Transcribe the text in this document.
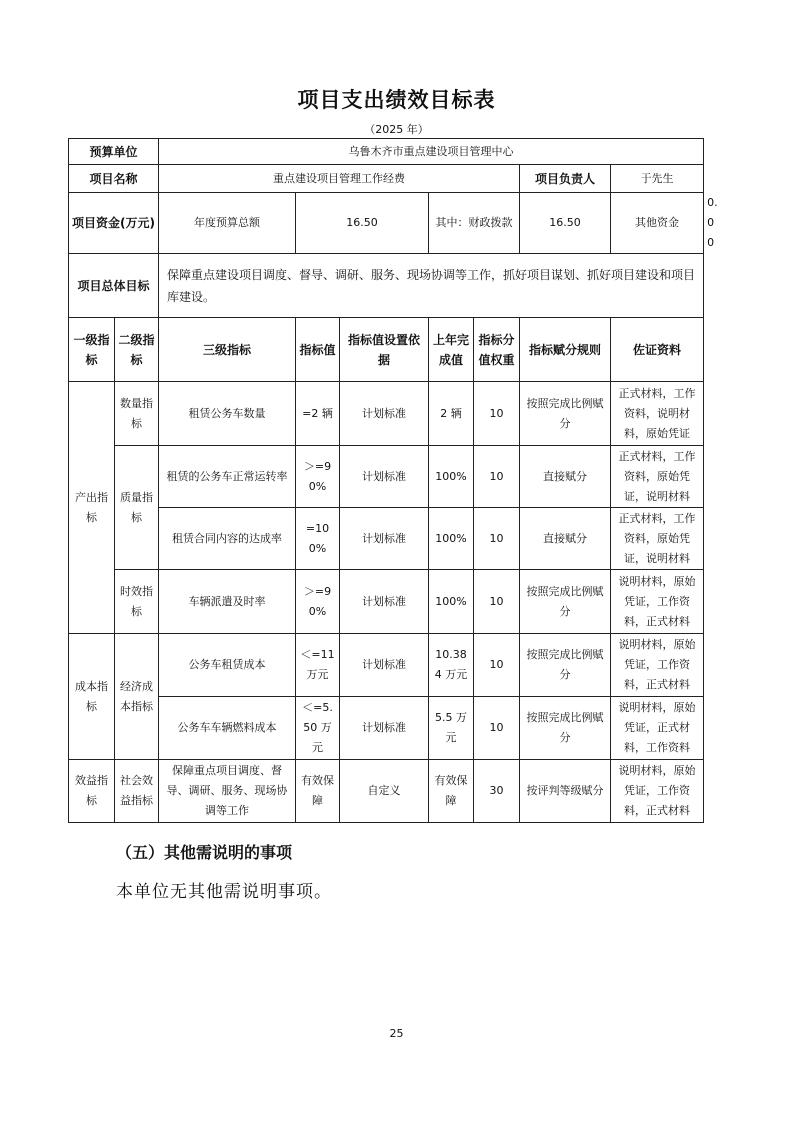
项目支出绩效目标表
（2025 年）
预算单位		乌鲁木齐市重点建设项目管理中心							
项目名称		重点建设项目管理工作经费					项目负责人	于先生	
项目资金(万元)		年度预算总额	16.50		其中：财政拨款		16.50	其他资金	0.00
项目总体目标		保障重点建设项目调度、督导、调研、服务、现场协调等工作，抓好项目谋划、抓好项目建设和项目库建设。							
一级指标	二级指标	三级指标	指标值	指标值设置依据	上年完成值	指标分值权重	指标赋分规则	佐证资料	
产出指标	数量指标	租赁公务车数量	=2 辆	计划标准	2 辆	10	按照完成比例赋分	正式材料，工作资料，说明材料，原始凭证	
	质量指标	租赁的公务车正常运转率	＞=90%	计划标准	100%	10	直接赋分	正式材料，工作资料，原始凭证，说明材料	
		租赁合同内容的达成率	=100%	计划标准	100%	10	直接赋分	正式材料，工作资料，原始凭证，说明材料	
	时效指标	车辆派遣及时率	＞=90%	计划标准	100%	10	按照完成比例赋分	说明材料，原始凭证，工作资料，正式材料	
成本指标	经济成本指标	公务车租赁成本	＜=11 万元	计划标准	10.384 万元	10	按照完成比例赋分	说明材料，原始凭证，工作资料，正式材料	
		公务车车辆燃料成本	＜=5.50 万元	计划标准	5.5 万元	10	按照完成比例赋分	说明材料，原始凭证，正式材料，工作资料	
效益指标	社会效益指标	保障重点项目调度、督导、调研、服务、现场协调等工作	有效保障	自定义	有效保障	30	按评判等级赋分	说明材料，原始凭证，工作资料，正式材料	
（五）其他需说明的事项
本单位无其他需说明事项。
25
